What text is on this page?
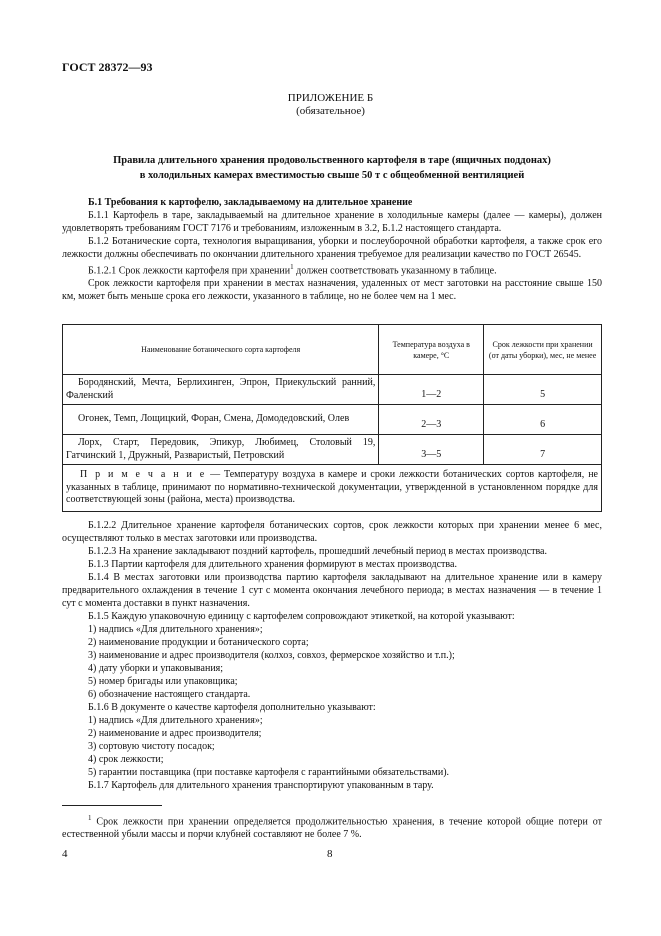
ГОСТ 28372—93
ПРИЛОЖЕНИЕ Б
(обязательное)
Правила длительного хранения продовольственного картофеля в таре (ящичных поддонах)
в холодильных камерах вместимостью свыше 50 т с общеобменной вентиляцией

Б.1 Требования к картофелю, закладываемому на длительное хранение

Б.1.1 Картофель в таре, закладываемый на длительное хранение в холодильные камеры (далее — камеры), должен удовлетворять требованиям ГОСТ 7176 и требованиям, изложенным в 3.2, Б.1.2 настоящего стандарта.

Б.1.2 Ботанические сорта, технология выращивания, уборки и послеуборочной обработки картофеля, а также срок его лежкости должны обеспечивать по окончании длительного хранения требуемое для реализации качество по ГОСТ 26545.

Б.1.2.1 Срок лежкости картофеля при хранении$^1$ должен соответствовать указанному в таблице.

Срок лежкости картофеля при хранении в местах назначения, удаленных от мест заготовки на расстояние свыше 150 км, может быть меньше срока его лежкости, указанного в таблице, но не более чем на 1 мес.

Наименование ботанического сорта картофеля	Температура воздуха в камере, °С	Срок лежкости при хранении (от даты уборки), мес, не менее
Бородянский, Мечта, Берлихинген, Эпрон, Приекульский ранний, Фаленский	1—2	5
Огонек, Темп, Лощицкий, Форан, Смена, Домодедовский, Олев	2—3	6
Лорх, Старт, Передовик, Эпикур, Любимец, Столовый 19, Гатчинский 1, Дружный, Разваристый, Петровский	3—5	7
П р и м е ч а н и е — Температуру воздуха в камере и сроки лежкости ботанических сортов картофеля, не указанных в таблице, принимают по нормативно-технической документации, утвержденной в установленном порядке для соответствующей зоны (района, места) производства.		

Б.1.2.2 Длительное хранение картофеля ботанических сортов, срок лежкости которых при хранении менее 6 мес, осуществляют только в местах заготовки или производства.

Б.1.2.3 На хранение закладывают поздний картофель, прошедший лечебный период в местах производства.

Б.1.3 Партии картофеля для длительного хранения формируют в местах производства.

Б.1.4 В местах заготовки или производства партию картофеля закладывают на длительное хранение или в камеру предварительного охлаждения в течение 1 сут с момента окончания лечебного периода; в местах назначения — в течение 1 сут с момента доставки в пункт назначения.

Б.1.5 Каждую упаковочную единицу с картофелем сопровождают этикеткой, на которой указывают:

1) надпись «Для длительного хранения»;

2) наименование продукции и ботанического сорта;

3) наименование и адрес производителя (колхоз, совхоз, фермерское хозяйство и т.п.);

4) дату уборки и упаковывания;

5) номер бригады или упаковщика;

6) обозначение настоящего стандарта.

Б.1.6 В документе о качестве картофеля дополнительно указывают:

1) надпись «Для длительного хранения»;

2) наименование и адрес производителя;

3) сортовую чистоту посадок;

4) срок лежкости;

5) гарантии поставщика (при поставке картофеля с гарантийными обязательствами).

Б.1.7 Картофель для длительного хранения транспортируют упакованным в тару.

$^1$ Срок лежкости при хранении определяется продолжительностью хранения, в течение которой общие потери от естественной убыли массы и порчи клубней составляют не более 7 %.
4	8
